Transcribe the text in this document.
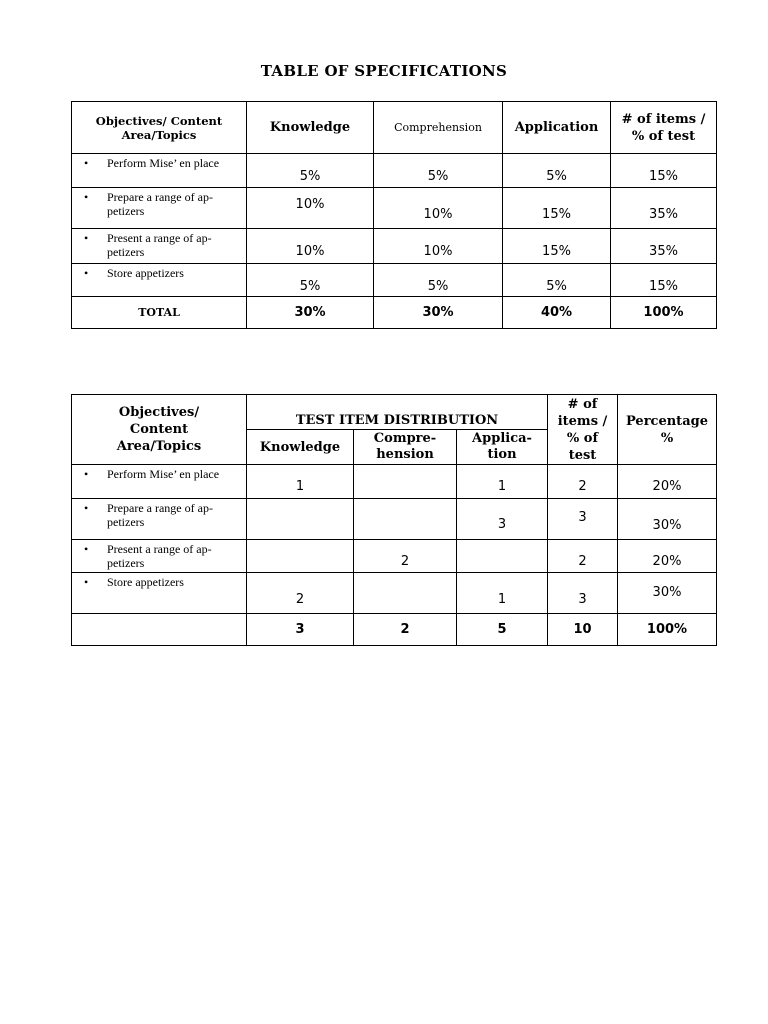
TABLE OF SPECIFICATIONS
Objectives/ Content Area/Topics	Knowledge	Comprehension	Application	# of items / % of test

• Perform Mise’ en place	5%	5%	5%	15%

• Prepare a range of ap-petizers	10%	10%	15%	35%

• Present a range of ap-petizers	10%	10%	15%	35%

• Store appetizers	5%	5%	5%	15%
TOTAL	30%	30%	40%	100%
Objectives/ Content Area/Topics	TEST ITEM DISTRIBUTION			# of items / % of test	Percentage %
	Knowledge	Compre-hension	Applica-tion		

• Perform Mise’ en place	1		1	2	20%

• Prepare a range of ap-petizers			3	3	30%

• Present a range of ap-petizers		2		2	20%

• Store appetizers	2		1	3	30%
	3	2	5	10	100%
